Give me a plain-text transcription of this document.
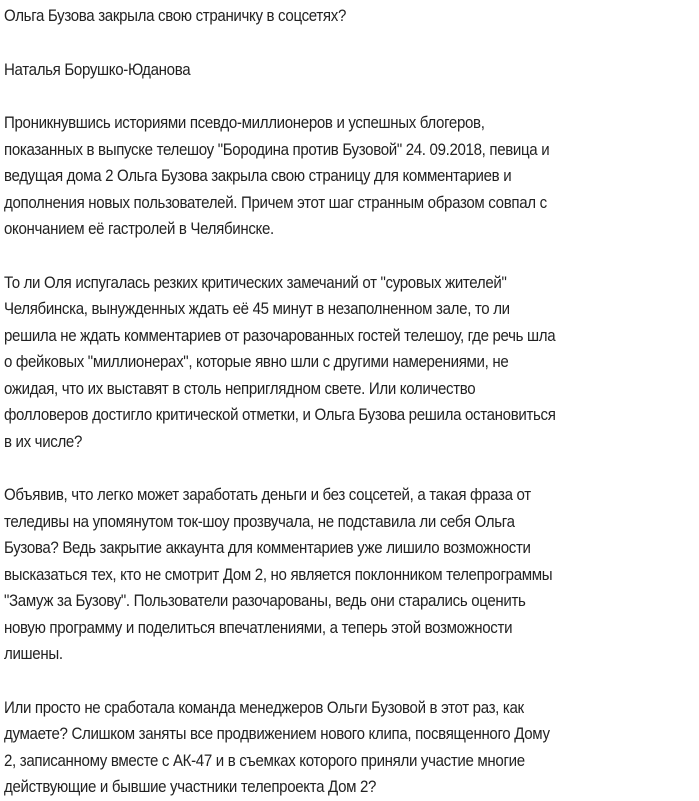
Ольга Бузова закрыла свою страничку в соцсетях?

Наталья Борушко-Юданова

Проникнувшись историями псевдо-миллионеров и успешных блогеров,
показанных в выпуске телешоу "Бородина против Бузовой" 24. 09.2018, певица и
ведущая дома 2 Ольга Бузова закрыла свою страницу для комментариев и
дополнения новых пользователей. Причем этот шаг странным образом совпал с
окончанием её гастролей в Челябинске.

То ли Оля испугалась резких критических замечаний от "суровых жителей"
Челябинска, вынужденных ждать её 45 минут в незаполненном зале, то ли
решила не ждать комментариев от разочарованных гостей телешоу, где речь шла
о фейковых "миллионерах", которые явно шли с другими намерениями, не
ожидая, что их выставят в столь неприглядном свете. Или количество
фолловеров достигло критической отметки, и Ольга Бузова решила остановиться
в их числе?

Объявив, что легко может заработать деньги и без соцсетей, а такая фраза от
теледивы на упомянутом ток-шоу прозвучала, не подставила ли себя Ольга
Бузова? Ведь закрытие аккаунта для комментариев уже лишило возможности
высказаться тех, кто не смотрит Дом 2, но является поклонником телепрограммы
"Замуж за Бузову". Пользователи разочарованы, ведь они старались оценить
новую программу и поделиться впечатлениями, а теперь этой возможности
лишены.

Или просто не сработала команда менеджеров Ольги Бузовой в этот раз, как
думаете? Слишком заняты все продвижением нового клипа, посвященного Дому
2, записанному вместе с АК-47 и в съемках которого приняли участие многие
действующие и бывшие участники телепроекта Дом 2?
